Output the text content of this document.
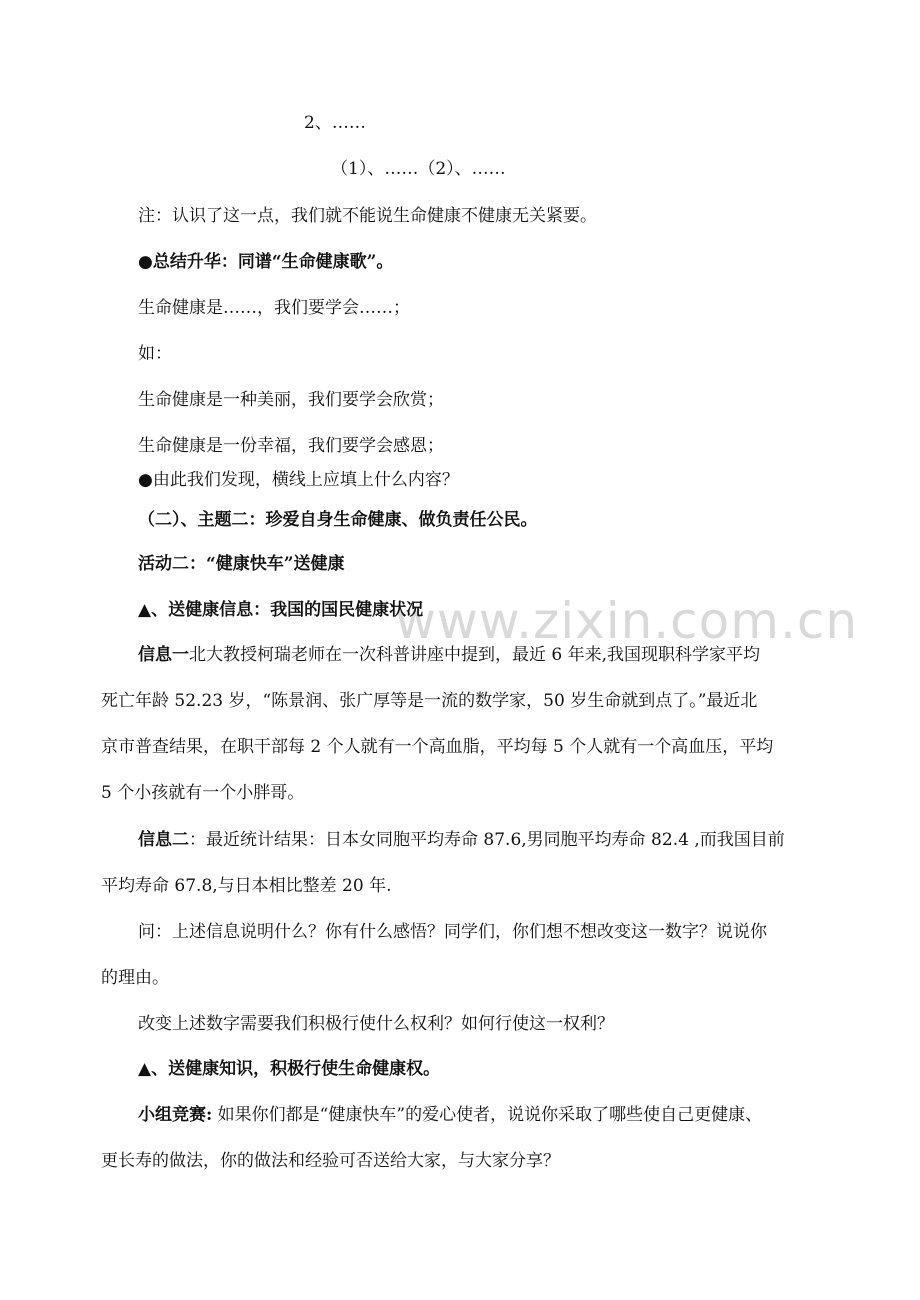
www.zixin.com.cn
2、……
（1）、……（2）、……
注：认识了这一点，我们就不能说生命健康不健康无关紧要。
●总结升华：同谱“生命健康歌”。
生命健康是……，我们要学会……；
如：
生命健康是一种美丽，我们要学会欣赏；
生命健康是一份幸福，我们要学会感恩；
●由此我们发现，横线上应填上什么内容？
（二）、主题二：珍爱自身生命健康、做负责任公民。
活动二：“健康快车”送健康
▲、送健康信息：我国的国民健康状况
信息一北大教授柯瑞老师在一次科普讲座中提到，最近 6 年来,我国现职科学家平均
死亡年龄 52.23 岁，“陈景润、张广厚等是一流的数学家，50 岁生命就到点了。”最近北
京市普查结果，在职干部每 2 个人就有一个高血脂，平均每 5 个人就有一个高血压，平均
5 个小孩就有一个小胖哥。
信息二：最近统计结果：日本女同胞平均寿命 87.6,男同胞平均寿命 82.4 ,而我国目前
平均寿命 67.8,与日本相比整差 20 年.
问：上述信息说明什么？你有什么感悟？同学们，你们想不想改变这一数字？说说你
的理由。
改变上述数字需要我们积极行使什么权利？如何行使这一权利？
▲、送健康知识，积极行使生命健康权。
小组竞赛: 如果你们都是“健康快车”的爱心使者，说说你采取了哪些使自己更健康、
更长寿的做法，你的做法和经验可否送给大家，与大家分享？
